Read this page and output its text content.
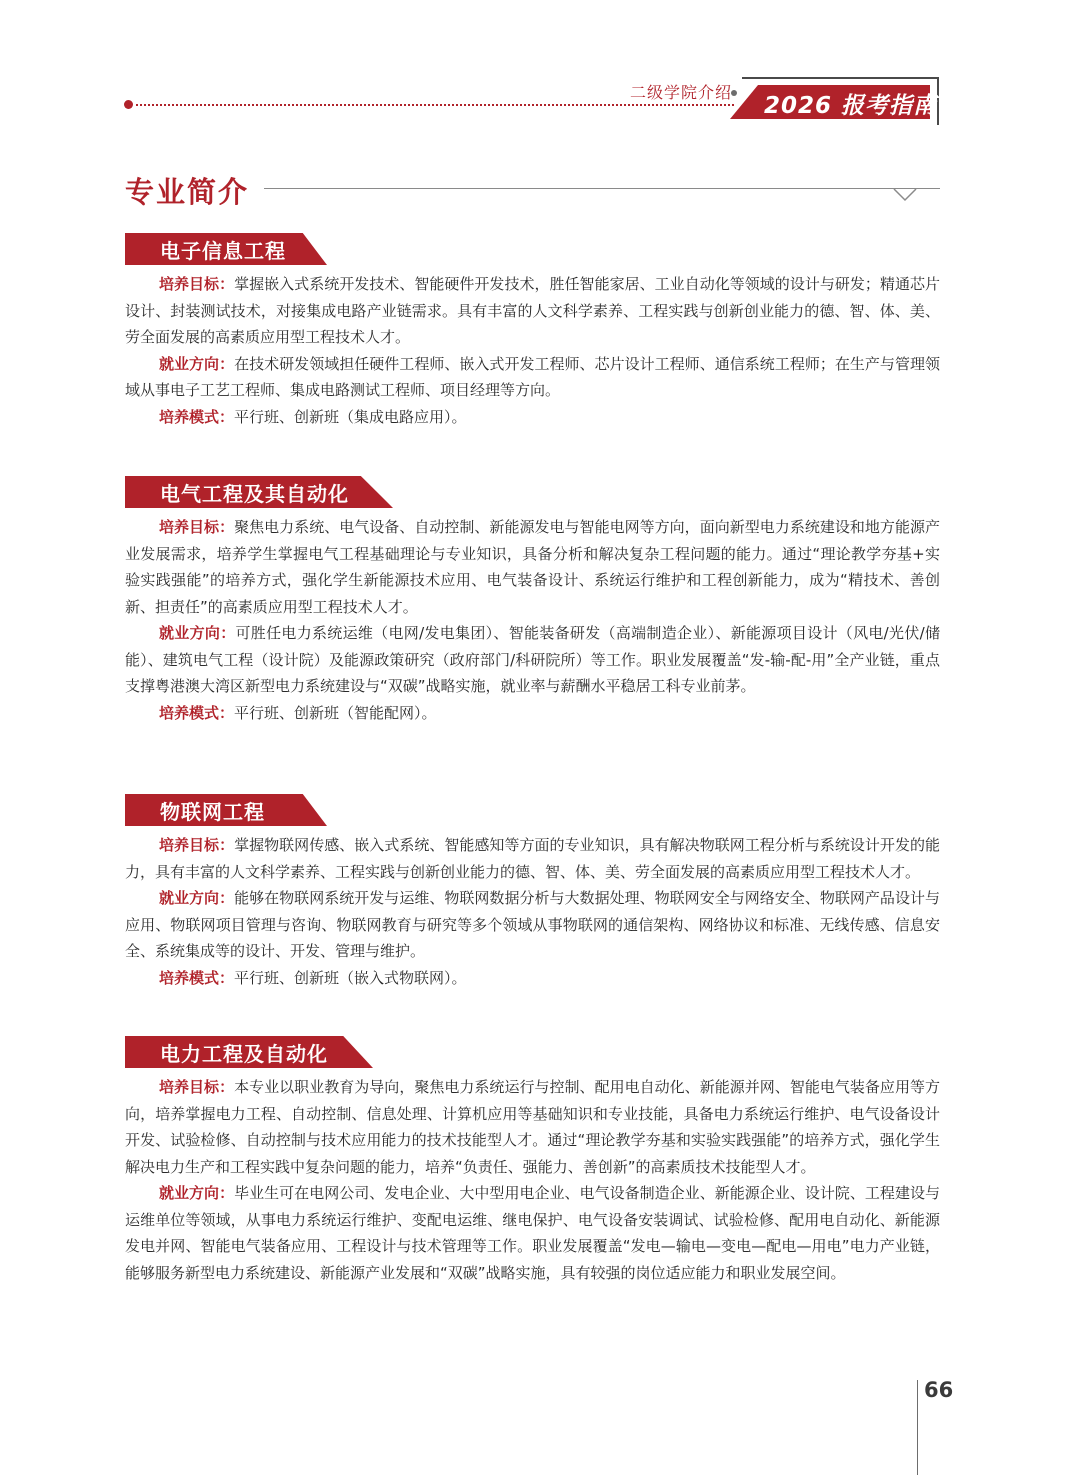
二级学院介绍
2026 报考指南
专业简介
电子信息工程

培养目标：掌握嵌入式系统开发技术、智能硬件开发技术，胜任智能家居、工业自动化等领域的设计与研发；精通芯片设计、封装测试技术，对接集成电路产业链需求。具有丰富的人文科学素养、工程实践与创新创业能力的德、智、体、美、劳全面发展的高素质应用型工程技术人才。

就业方向：在技术研发领域担任硬件工程师、嵌入式开发工程师、芯片设计工程师、通信系统工程师；在生产与管理领域从事电子工艺工程师、集成电路测试工程师、项目经理等方向。

培养模式：平行班、创新班（集成电路应用）。

电气工程及其自动化

培养目标：聚焦电力系统、电气设备、自动控制、新能源发电与智能电网等方向，面向新型电力系统建设和地方能源产业发展需求，培养学生掌握电气工程基础理论与专业知识，具备分析和解决复杂工程问题的能力。通过“理论教学夯基+实验实践强能”的培养方式，强化学生新能源技术应用、电气装备设计、系统运行维护和工程创新能力，成为“精技术、善创新、担责任”的高素质应用型工程技术人才。

就业方向：可胜任电力系统运维（电网/发电集团）、智能装备研发（高端制造企业）、新能源项目设计（风电/光伏/储能）、建筑电气工程（设计院）及能源政策研究（政府部门/科研院所）等工作。职业发展覆盖“发-输-配-用”全产业链，重点支撑粤港澳大湾区新型电力系统建设与“双碳”战略实施，就业率与薪酬水平稳居工科专业前茅。

培养模式：平行班、创新班（智能配网）。

物联网工程

培养目标：掌握物联网传感、嵌入式系统、智能感知等方面的专业知识，具有解决物联网工程分析与系统设计开发的能力，具有丰富的人文科学素养、工程实践与创新创业能力的德、智、体、美、劳全面发展的高素质应用型工程技术人才。

就业方向：能够在物联网系统开发与运维、物联网数据分析与大数据处理、物联网安全与网络安全、物联网产品设计与应用、物联网项目管理与咨询、物联网教育与研究等多个领域从事物联网的通信架构、网络协议和标准、无线传感、信息安全、系统集成等的设计、开发、管理与维护。

培养模式：平行班、创新班（嵌入式物联网）。

电力工程及自动化

培养目标：本专业以职业教育为导向，聚焦电力系统运行与控制、配用电自动化、新能源并网、智能电气装备应用等方向，培养掌握电力工程、自动控制、信息处理、计算机应用等基础知识和专业技能，具备电力系统运行维护、电气设备设计开发、试验检修、自动控制与技术应用能力的技术技能型人才。通过“理论教学夯基和实验实践强能”的培养方式，强化学生解决电力生产和工程实践中复杂问题的能力，培养“负责任、强能力、善创新”的高素质技术技能型人才。

就业方向：毕业生可在电网公司、发电企业、大中型用电企业、电气设备制造企业、新能源企业、设计院、工程建设与运维单位等领域，从事电力系统运行维护、变配电运维、继电保护、电气设备安装调试、试验检修、配用电自动化、新能源发电并网、智能电气装备应用、工程设计与技术管理等工作。职业发展覆盖“发电—输电—变电—配电—用电”电力产业链，能够服务新型电力系统建设、新能源产业发展和“双碳”战略实施，具有较强的岗位适应能力和职业发展空间。

66
